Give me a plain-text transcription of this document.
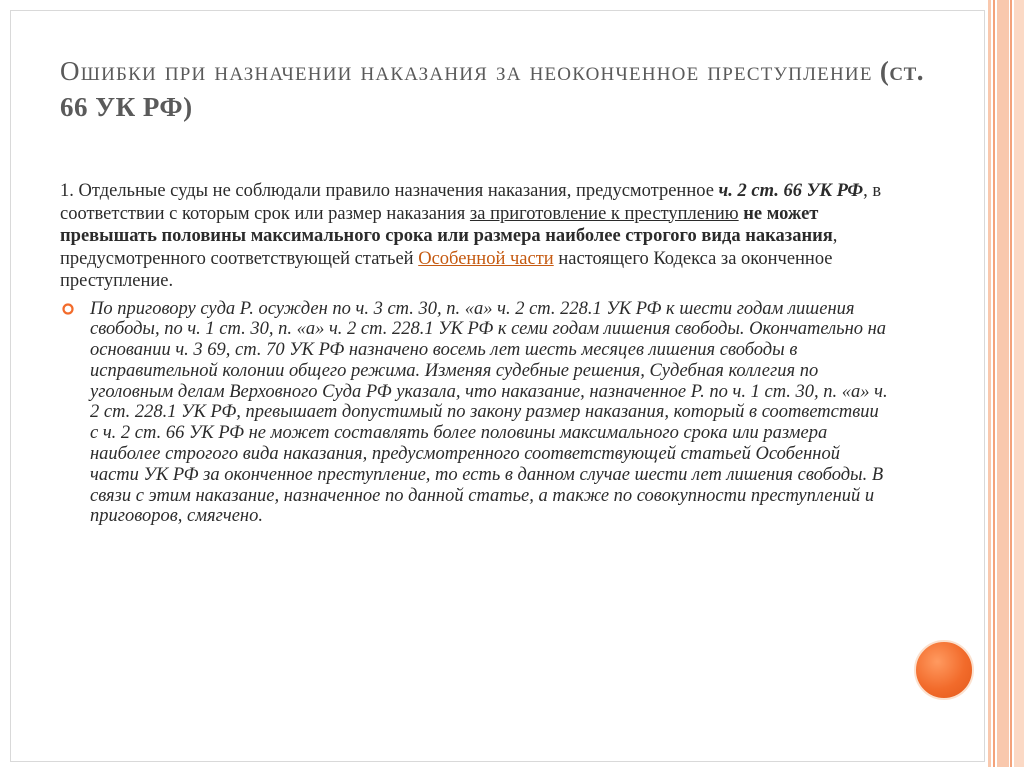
Ошибки при назначении наказания за неоконченное преступление (ст. 66 УК РФ)

1. Отдельные суды не соблюдали правило назначения наказания, предусмотренное ч. 2 ст. 66 УК РФ, в соответствии с которым срок или размер наказания за приготовление к преступлению не может превышать половины максимального срока или размера наиболее строгого вида наказания, предусмотренного соответствующей статьей Особенной части настоящего Кодекса за оконченное преступление.

По приговору суда Р. осужден по ч. 3 ст. 30, п. «а» ч. 2 ст. 228.1 УК РФ к шести годам лишения свободы, по ч. 1 ст. 30, п. «а» ч. 2 ст. 228.1 УК РФ к семи годам лишения свободы. Окончательно на основании ч. 3 69, ст. 70 УК РФ назначено восемь лет шесть месяцев лишения свободы в исправительной колонии общего режима. Изменяя судебные решения, Судебная коллегия по уголовным делам Верховного Суда РФ указала, что наказание, назначенное Р. по ч. 1 ст. 30, п. «а» ч. 2 ст. 228.1 УК РФ, превышает допустимый по закону размер наказания, который в соответствии с ч. 2 ст. 66 УК РФ не может составлять более половины максимального срока или размера наиболее строгого вида наказания, предусмотренного соответствующей статьей Особенной части УК РФ за оконченное преступление, то есть в данном случае шести лет лишения свободы. В связи с этим наказание, назначенное по данной статье, а также по совокупности преступлений и приговоров, смягчено.
